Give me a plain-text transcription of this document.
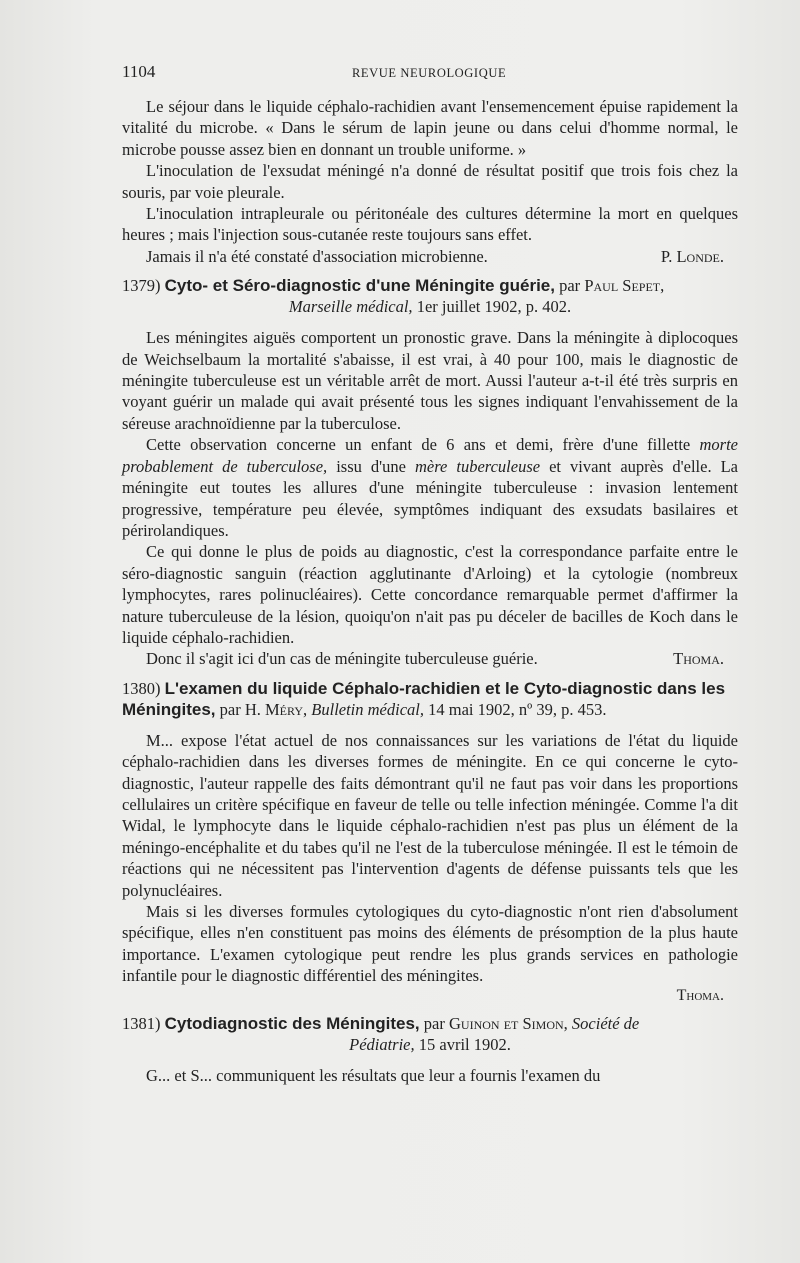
1104	REVUE NEUROLOGIQUE

Le séjour dans le liquide céphalo-rachidien avant l'ensemencement épuise rapidement la vitalité du microbe. « Dans le sérum de lapin jeune ou dans celui d'homme normal, le microbe pousse assez bien en donnant un trouble uniforme. »

L'inoculation de l'exsudat méningé n'a donné de résultat positif que trois fois chez la souris, par voie pleurale.

L'inoculation intrapleurale ou péritonéale des cultures détermine la mort en quelques heures ; mais l'injection sous-cutanée reste toujours sans effet.

Jamais il n'a été constaté d'association microbienne.	P. Londe.

1379) Cyto- et Séro-diagnostic d'une Méningite guérie, par Paul Sepet,
Marseille médical, 1er juillet 1902, p. 402.

Les méningites aiguës comportent un pronostic grave. Dans la méningite à diplocoques de Weichselbaum la mortalité s'abaisse, il est vrai, à 40 pour 100, mais le diagnostic de méningite tuberculeuse est un véritable arrêt de mort. Aussi l'auteur a-t-il été très surpris en voyant guérir un malade qui avait présenté tous les signes indiquant l'envahissement de la séreuse arachnoïdienne par la tuberculose.

Cette observation concerne un enfant de 6 ans et demi, frère d'une fillette morte probablement de tuberculose, issu d'une mère tuberculeuse et vivant auprès d'elle. La méningite eut toutes les allures d'une méningite tuberculeuse : invasion lentement progressive, température peu élevée, symptômes indiquant des exsudats basilaires et périrolandiques.

Ce qui donne le plus de poids au diagnostic, c'est la correspondance parfaite entre le séro-diagnostic sanguin (réaction agglutinante d'Arloing) et la cytologie (nombreux lymphocytes, rares polinucléaires). Cette concordance remarquable permet d'affirmer la nature tuberculeuse de la lésion, quoiqu'on n'ait pas pu déceler de bacilles de Koch dans le liquide céphalo-rachidien.

Donc il s'agit ici d'un cas de méningite tuberculeuse guérie.	Thoma.

1380) L'examen du liquide Céphalo-rachidien et le Cyto-diagnostic dans les Méningites, par H. Méry, Bulletin médical, 14 mai 1902, nº 39, p. 453.

M... expose l'état actuel de nos connaissances sur les variations de l'état du liquide céphalo-rachidien dans les diverses formes de méningite. En ce qui concerne le cyto-diagnostic, l'auteur rappelle des faits démontrant qu'il ne faut pas voir dans les proportions cellulaires un critère spécifique en faveur de telle ou telle infection méningée. Comme l'a dit Widal, le lymphocyte dans le liquide céphalo-rachidien n'est pas plus un élément de la méningo-encéphalite et du tabes qu'il ne l'est de la tuberculose méningée. Il est le témoin de réactions qui ne nécessitent pas l'intervention d'agents de défense puissants tels que les polynucléaires.

Mais si les diverses formules cytologiques du cyto-diagnostic n'ont rien d'absolument spécifique, elles n'en constituent pas moins des éléments de présomption de la plus haute importance. L'examen cytologique peut rendre les plus grands services en pathologie infantile pour le diagnostic différentiel des méningites.

Thoma.
1381) Cytodiagnostic des Méningites, par Guinon et Simon, Société de
Pédiatrie, 15 avril 1902.

G... et S... communiquent les résultats que leur a fournis l'examen du
